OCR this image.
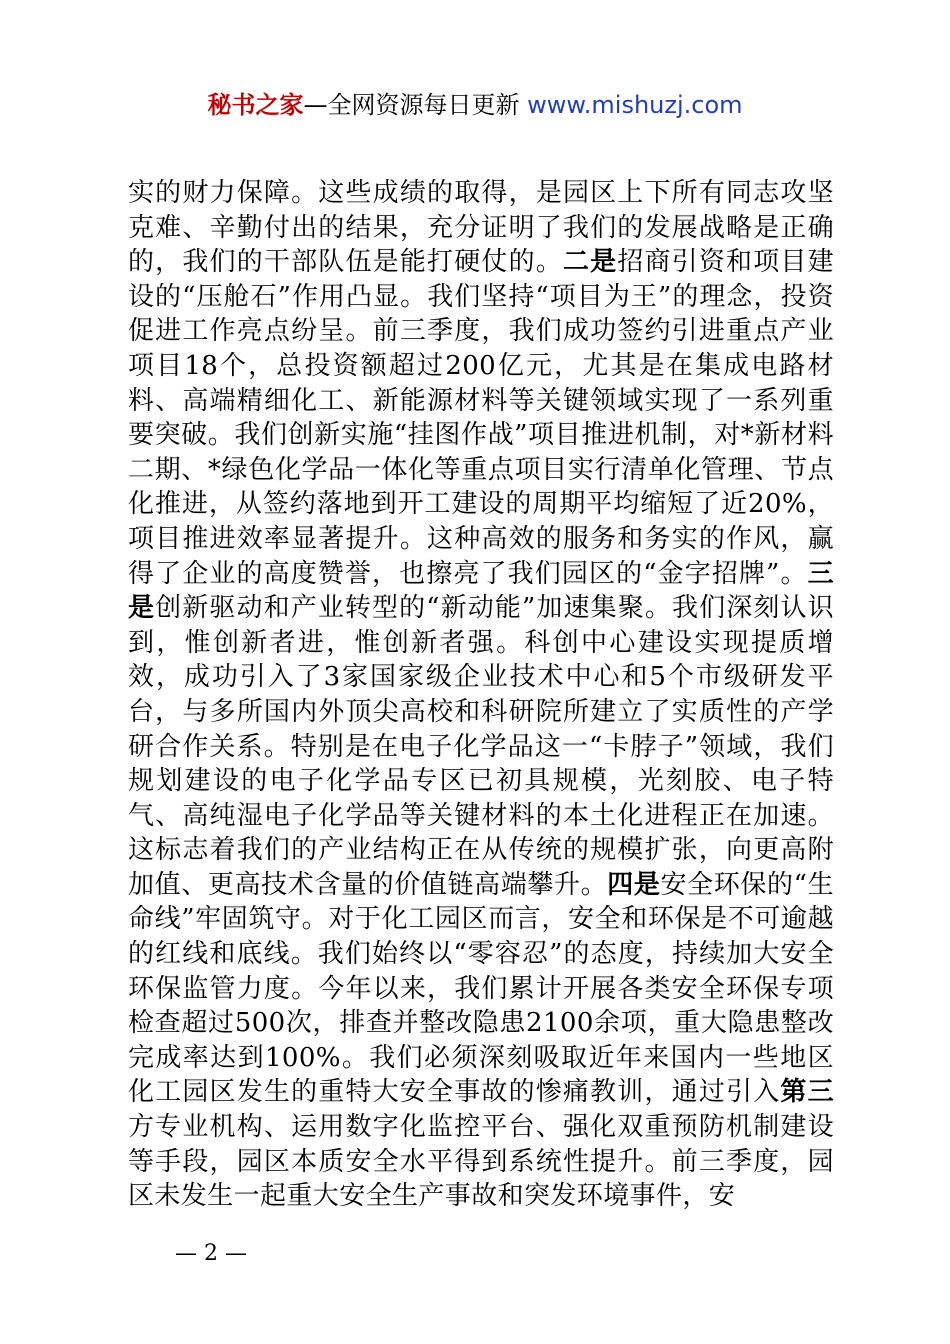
秘书之家—全网资源每日更新 www.mishuzj.com
实的财力保障。这些成绩的取得，是园区上下所有同志攻坚克难、辛勤付出的结果，充分证明了我们的发展战略是正确的，我们的干部队伍是能打硬仗的。二是招商引资和项目建设的“压舱石”作用凸显。我们坚持“项目为王”的理念，投资促进工作亮点纷呈。前三季度，我们成功签约引进重点产业项目18个，总投资额超过200亿元，尤其是在集成电路材料、高端精细化工、新能源材料等关键领域实现了一系列重要突破。我们创新实施“挂图作战”项目推进机制，对*新材料二期、*绿色化学品一体化等重点项目实行清单化管理、节点化推进，从签约落地到开工建设的周期平均缩短了近20%，项目推进效率显著提升。这种高效的服务和务实的作风，赢得了企业的高度赞誉，也擦亮了我们园区的“金字招牌”。三是创新驱动和产业转型的“新动能”加速集聚。我们深刻认识到，惟创新者进，惟创新者强。科创中心建设实现提质增效，成功引入了3家国家级企业技术中心和5个市级研发平台，与多所国内外顶尖高校和科研院所建立了实质性的产学研合作关系。特别是在电子化学品这一“卡脖子”领域，我们规划建设的电子化学品专区已初具规模，光刻胶、电子特气、高纯湿电子化学品等关键材料的本土化进程正在加速。这标志着我们的产业结构正在从传统的规模扩张，向更高附加值、更高技术含量的价值链高端攀升。四是安全环保的“生命线”牢固筑守。对于化工园区而言，安全和环保是不可逾越的红线和底线。我们始终以“零容忍”的态度，持续加大安全环保监管力度。今年以来，我们累计开展各类安全环保专项检查超过500次，排查并整改隐患2100余项，重大隐患整改完成率达到100%。我们必须深刻吸取近年来国内一些地区化工园区发生的重特大安全事故的惨痛教训，通过引入第三方专业机构、运用数字化监控平台、强化双重预防机制建设等手段，园区本质安全水平得到系统性提升。前三季度，园区未发生一起重大安全生产事故和突发环境事件，安
— 2 —
